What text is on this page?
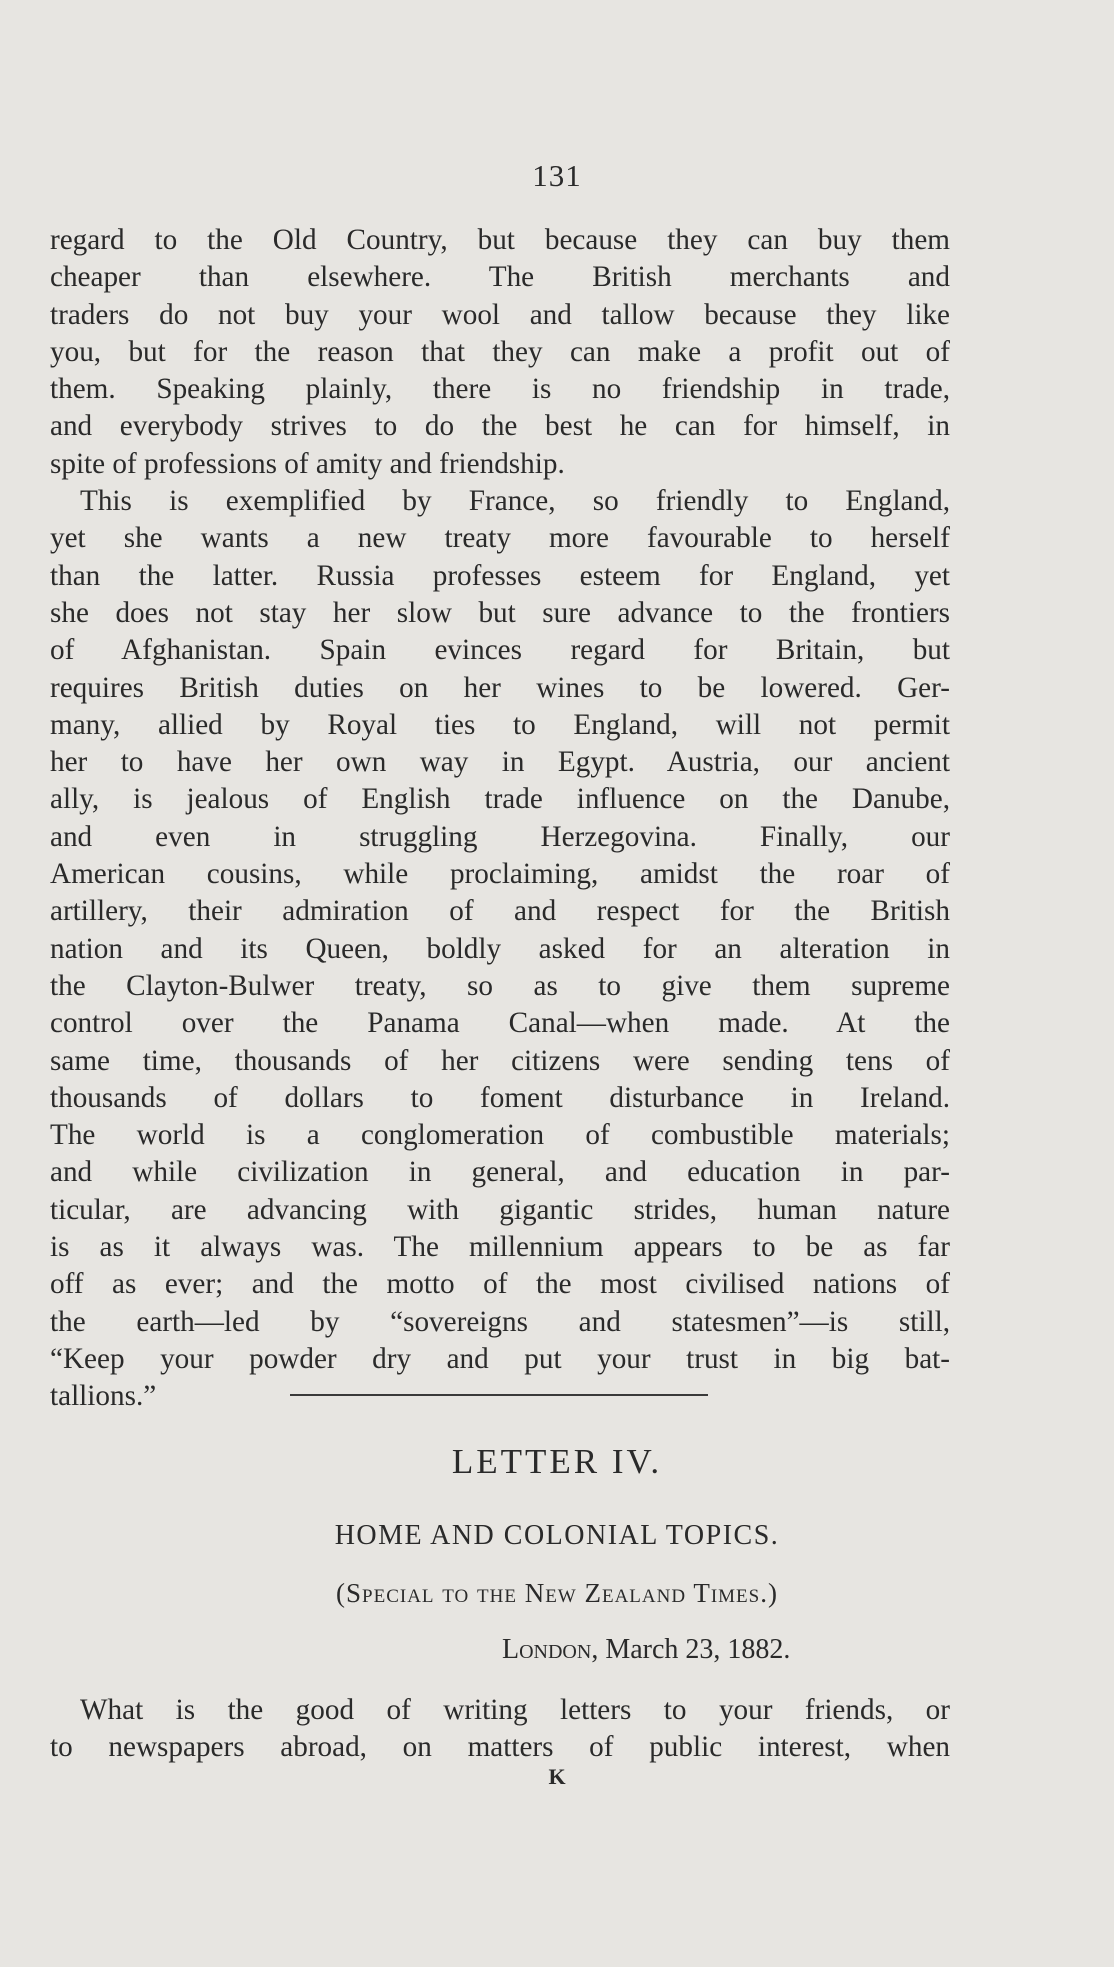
131
regard to the Old Country, but because they can buy them
cheaper than elsewhere. The British merchants and
traders do not buy your wool and tallow because they like
you, but for the reason that they can make a profit out of
them. Speaking plainly, there is no friendship in trade,
and everybody strives to do the best he can for himself, in
spite of professions of amity and friendship.
This is exemplified by France, so friendly to England,
yet she wants a new treaty more favourable to herself
than the latter. Russia professes esteem for England, yet
she does not stay her slow but sure advance to the frontiers
of Afghanistan. Spain evinces regard for Britain, but
requires British duties on her wines to be lowered. Ger-
many, allied by Royal ties to England, will not permit
her to have her own way in Egypt. Austria, our ancient
ally, is jealous of English trade influence on the Danube,
and even in struggling Herzegovina. Finally, our
American cousins, while proclaiming, amidst the roar of
artillery, their admiration of and respect for the British
nation and its Queen, boldly asked for an alteration in
the Clayton-Bulwer treaty, so as to give them supreme
control over the Panama Canal—when made. At the
same time, thousands of her citizens were sending tens of
thousands of dollars to foment disturbance in Ireland.
The world is a conglomeration of combustible materials;
and while civilization in general, and education in par-
ticular, are advancing with gigantic strides, human nature
is as it always was. The millennium appears to be as far
off as ever; and the motto of the most civilised nations of
the earth—led by “sovereigns and statesmen”—is still,
“Keep your powder dry and put your trust in big bat-
tallions.”
LETTER IV.
HOME AND COLONIAL TOPICS.
(Special to the New Zealand Times.)
London, March 23, 1882.
What is the good of writing letters to your friends, or
to newspapers abroad, on matters of public interest, when
K
